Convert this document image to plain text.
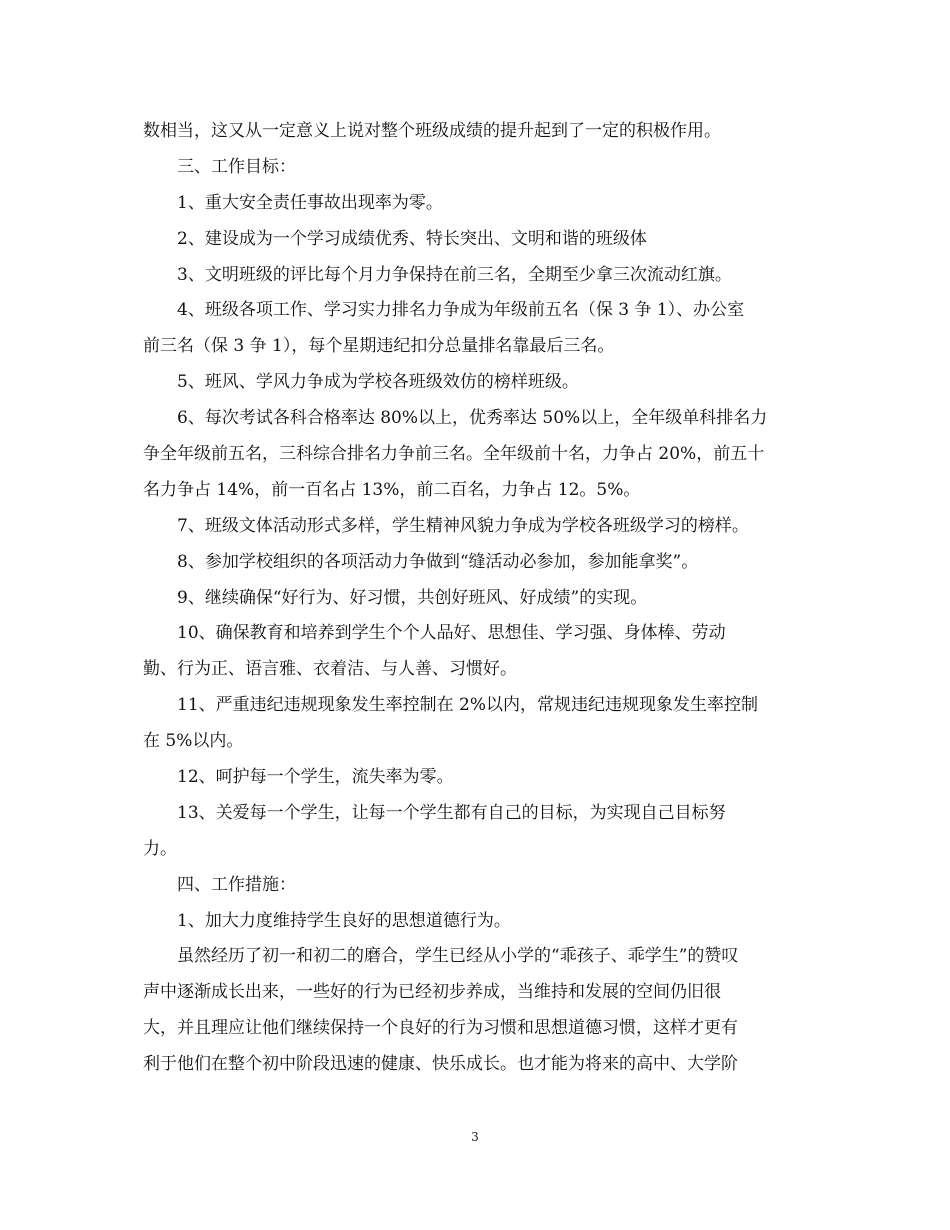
数相当，这又从一定意义上说对整个班级成绩的提升起到了一定的积极作用。
三、工作目标：
1、重大安全责任事故出现率为零。
2、建设成为一个学习成绩优秀、特长突出、文明和谐的班级体
3、文明班级的评比每个月力争保持在前三名，全期至少拿三次流动红旗。
4、班级各项工作、学习实力排名力争成为年级前五名（保 3 争 1）、办公室
前三名（保 3 争 1），每个星期违纪扣分总量排名靠最后三名。
5、班风、学风力争成为学校各班级效仿的榜样班级。
6、每次考试各科合格率达 80%以上，优秀率达 50%以上，全年级单科排名力
争全年级前五名，三科综合排名力争前三名。全年级前十名，力争占 20%，前五十
名力争占 14%，前一百名占 13%，前二百名，力争占 12。5%。
7、班级文体活动形式多样，学生精神风貌力争成为学校各班级学习的榜样。
8、参加学校组织的各项活动力争做到“缝活动必参加，参加能拿奖”。
9、继续确保“好行为、好习惯，共创好班风、好成绩”的实现。
10、确保教育和培养到学生个个人品好、思想佳、学习强、身体棒、劳动
勤、行为正、语言雅、衣着洁、与人善、习惯好。
11、严重违纪违规现象发生率控制在 2%以内，常规违纪违规现象发生率控制
在 5%以内。
12、呵护每一个学生，流失率为零。
13、关爱每一个学生，让每一个学生都有自己的目标，为实现自己目标努
力。
四、工作措施：
1、加大力度维持学生良好的思想道德行为。
虽然经历了初一和初二的磨合，学生已经从小学的“乖孩子、乖学生”的赞叹
声中逐渐成长出来，一些好的行为已经初步养成，当维持和发展的空间仍旧很
大，并且理应让他们继续保持一个良好的行为习惯和思想道德习惯，这样才更有
利于他们在整个初中阶段迅速的健康、快乐成长。也才能为将来的高中、大学阶
3
